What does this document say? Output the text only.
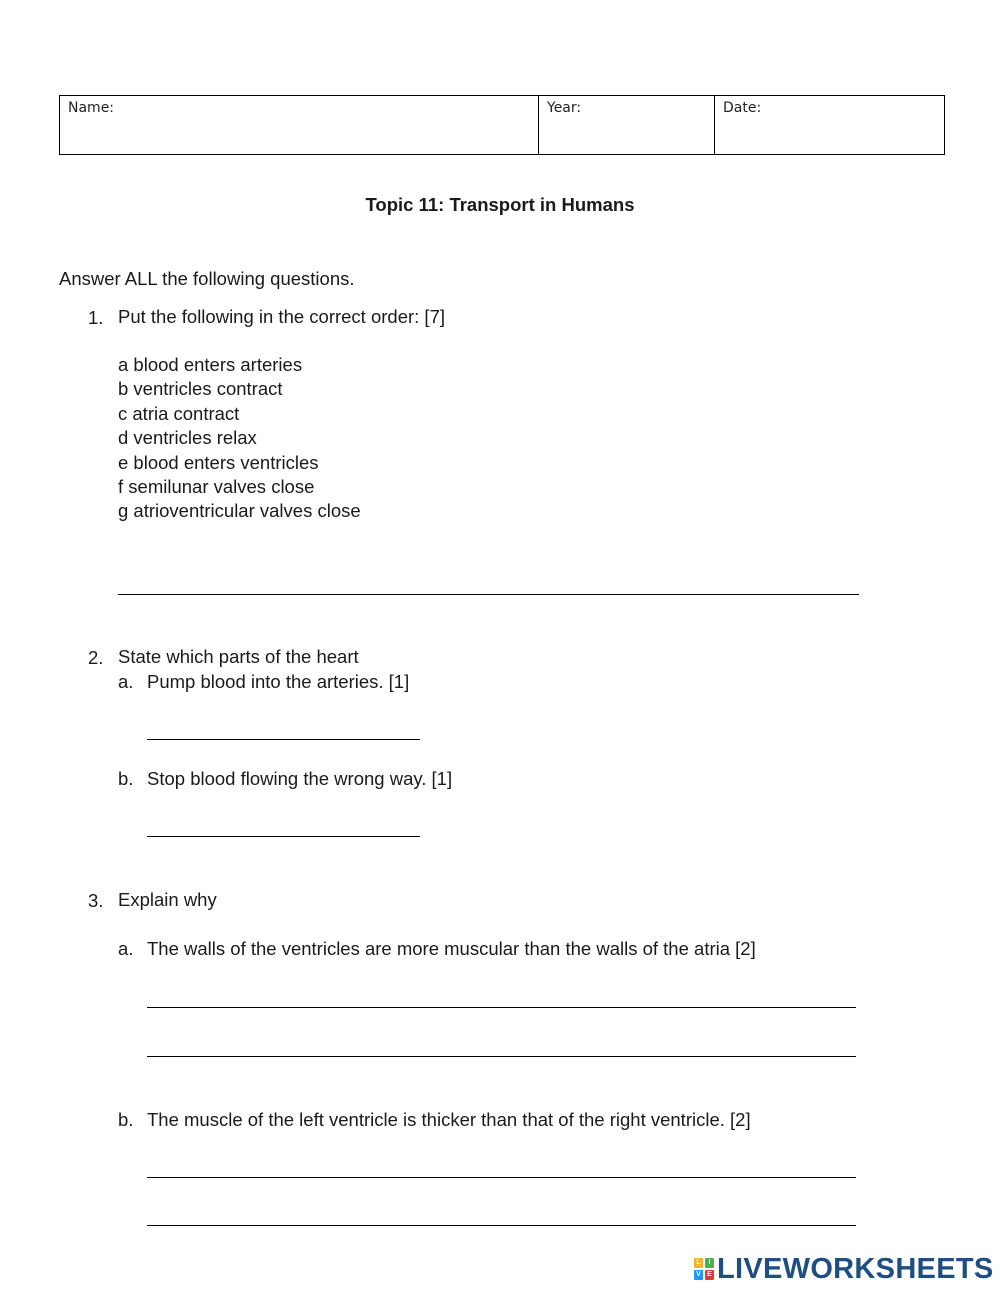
Name:	Year:	Date:
Topic 11: Transport in Humans
Answer ALL the following questions.
1. Put the following in the correct order: [7]
a blood enters arteries
b ventricles contract
c atria contract
d ventricles relax
e blood enters ventricles
f semilunar valves close
g atrioventricular valves close
2. State which parts of the heart
a. Pump blood into the arteries. [1]
b. Stop blood flowing the wrong way. [1]
3. Explain why
a. The walls of the ventricles are more muscular than the walls of the atria [2]
b. The muscle of the left ventricle is thicker than that of the right ventricle. [2]
L	I
V E LIVEWORKSHEETS
